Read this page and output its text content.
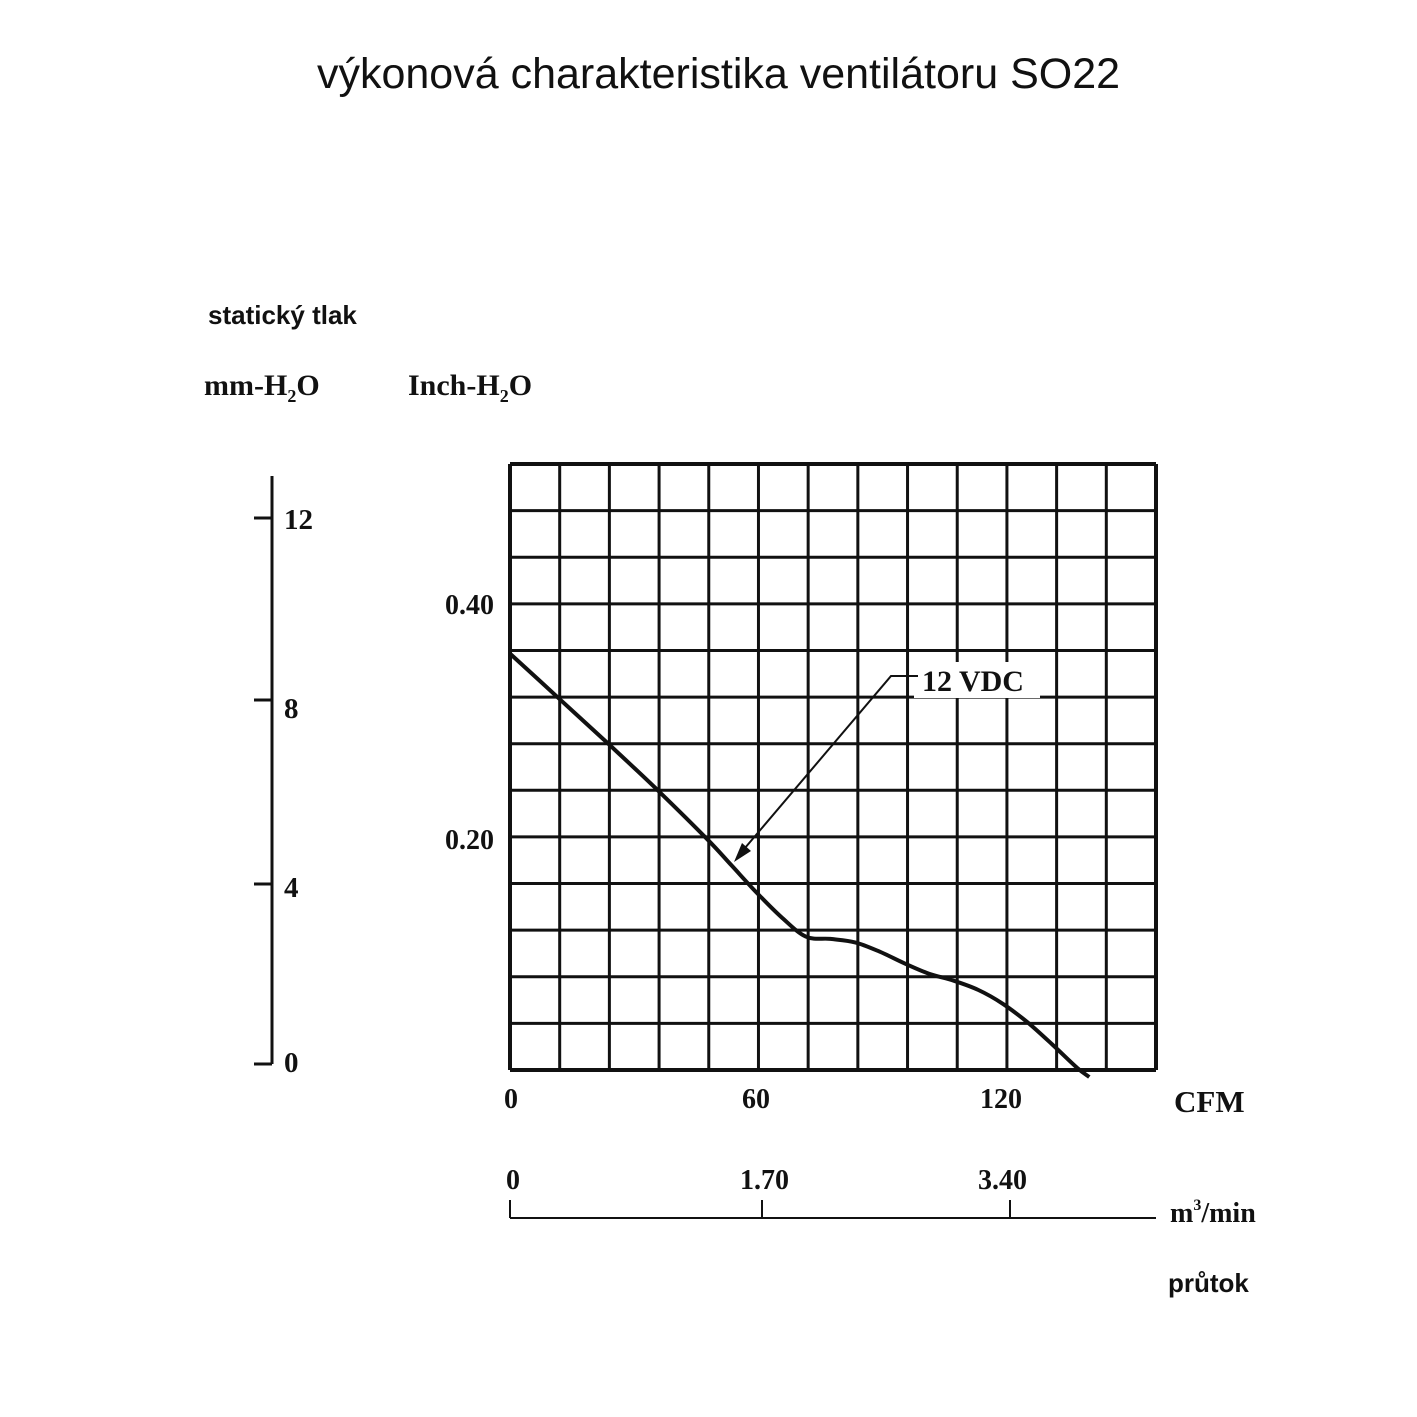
výkonová charakteristika ventilátoru SO22
statický tlak
$mm-H_2O$	Inch-$H_2O$
12
8
4
0
0.40
0.20
12 VDC
0	60	120	CFM
0	1.70	3.40
$m^3/\min$
průtok
